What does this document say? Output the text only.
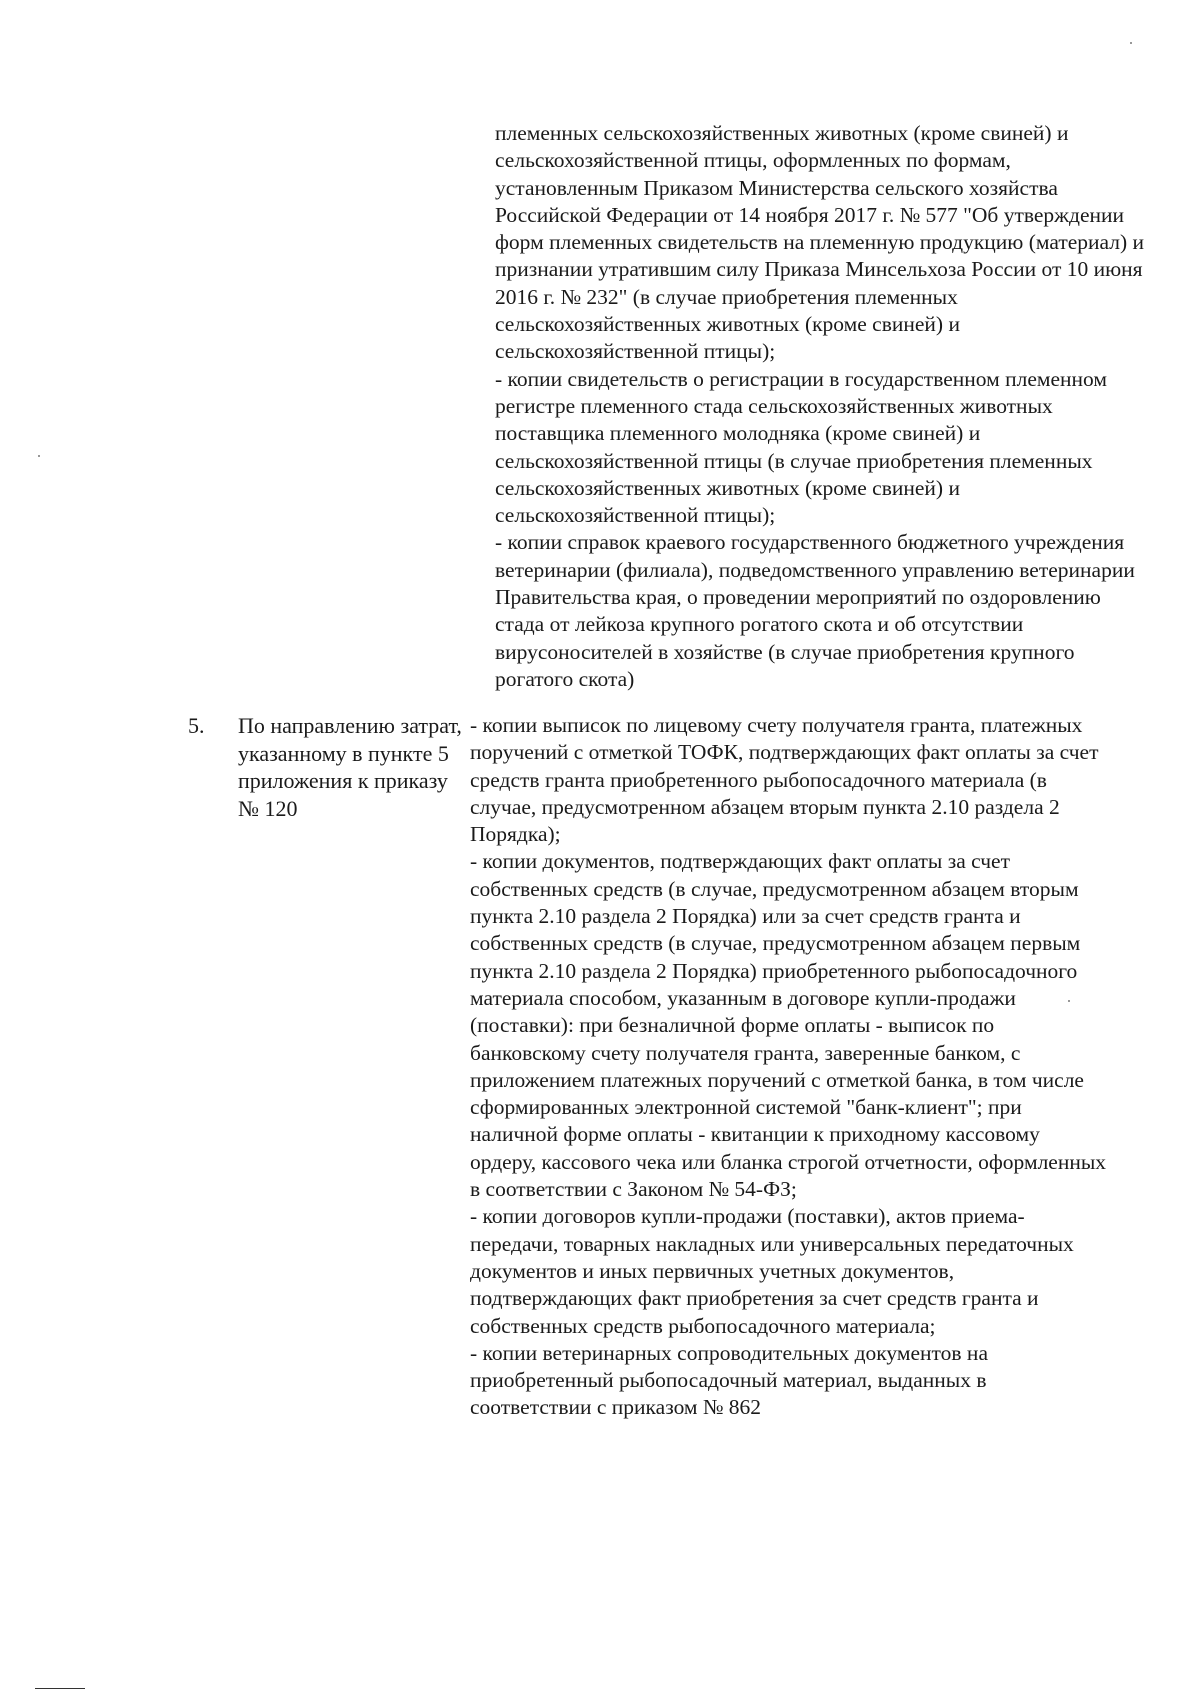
племенных сельскохозяйственных животных (кроме свиней) и сельскохозяйственной птицы, оформленных по формам, установленным Приказом Министерства сельского хозяйства Российской Федерации от 14 ноября 2017 г. № 577 "Об утверждении форм племенных свидетельств на племенную продукцию (материал) и признании утратившим силу Приказа Минсельхоза России от 10 июня 2016 г. № 232" (в случае приобретения племенных сельскохозяйственных животных (кроме свиней) и сельскохозяйственной птицы);

- копии свидетельств о регистрации в государственном племенном регистре племенного стада сельскохозяйственных животных поставщика племенного молодняка (кроме свиней) и сельскохозяйственной птицы (в случае приобретения племенных сельскохозяйственных животных (кроме свиней) и сельскохозяйственной птицы);

- копии справок краевого государственного бюджетного учреждения ветеринарии (филиала), подведомственного управлению ветеринарии Правительства края, о проведении мероприятий по оздоровлению стада от лейкоза крупного рогатого скота и об отсутствии вирусоносителей в хозяйстве (в случае приобретения крупного рогатого скота)

5. По направлению затрат, указанному в пункте 5 приложения к приказу № 120

- копии выписок по лицевому счету получателя гранта, платежных поручений с отметкой ТОФК, подтверждающих факт оплаты за счет средств гранта приобретенного рыбопосадочного материала (в случае, предусмотренном абзацем вторым пункта 2.10 раздела 2 Порядка);

- копии документов, подтверждающих факт оплаты за счет собственных средств (в случае, предусмотренном абзацем вторым пункта 2.10 раздела 2 Порядка) или за счет средств гранта и собственных средств (в случае, предусмотренном абзацем первым пункта 2.10 раздела 2 Порядка) приобретенного рыбопосадочного материала способом, указанным в договоре купли-продажи (поставки): при безналичной форме оплаты - выписок по банковскому счету получателя гранта, заверенные банком, с приложением платежных поручений с отметкой банка, в том числе сформированных электронной системой "банк-клиент"; при наличной форме оплаты - квитанции к приходному кассовому ордеру, кассового чека или бланка строгой отчетности, оформленных в соответствии с Законом № 54-ФЗ;

- копии договоров купли-продажи (поставки), актов приема-передачи, товарных накладных или универсальных передаточных документов и иных первичных учетных документов, подтверждающих факт приобретения за счет средств гранта и собственных средств рыбопосадочного материала;

- копии ветеринарных сопроводительных документов на приобретенный рыбопосадочный материал, выданных в соответствии с приказом № 862
